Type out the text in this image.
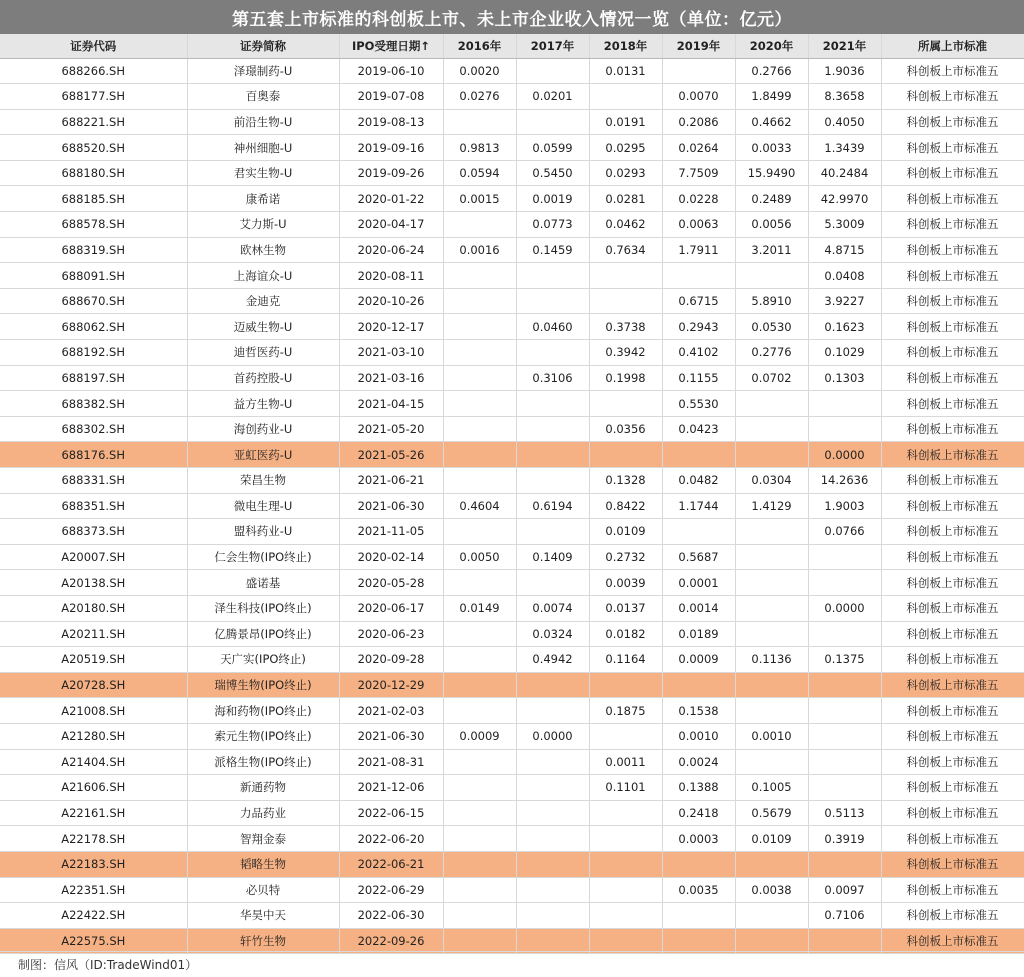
第五套上市标准的科创板上市、未上市企业收入情况一览（单位：亿元）
证券代码	证券简称	IPO受理日期↑	2016年	2017年	2018年	2019年	2020年	2021年	所属上市标准
688266.SH	泽璟制药-U	2019-06-10	0.0020		0.0131		0.2766	1.9036	科创板上市标准五
688177.SH	百奥泰	2019-07-08	0.0276	0.0201		0.0070	1.8499	8.3658	科创板上市标准五
688221.SH	前沿生物-U	2019-08-13			0.0191	0.2086	0.4662	0.4050	科创板上市标准五
688520.SH	神州细胞-U	2019-09-16	0.9813	0.0599	0.0295	0.0264	0.0033	1.3439	科创板上市标准五
688180.SH	君实生物-U	2019-09-26	0.0594	0.5450	0.0293	7.7509	15.9490	40.2484	科创板上市标准五
688185.SH	康希诺	2020-01-22	0.0015	0.0019	0.0281	0.0228	0.2489	42.9970	科创板上市标准五
688578.SH	艾力斯-U	2020-04-17		0.0773	0.0462	0.0063	0.0056	5.3009	科创板上市标准五
688319.SH	欧林生物	2020-06-24	0.0016	0.1459	0.7634	1.7911	3.2011	4.8715	科创板上市标准五
688091.SH	上海谊众-U	2020-08-11						0.0408	科创板上市标准五
688670.SH	金迪克	2020-10-26				0.6715	5.8910	3.9227	科创板上市标准五
688062.SH	迈威生物-U	2020-12-17		0.0460	0.3738	0.2943	0.0530	0.1623	科创板上市标准五
688192.SH	迪哲医药-U	2021-03-10			0.3942	0.4102	0.2776	0.1029	科创板上市标准五
688197.SH	首药控股-U	2021-03-16		0.3106	0.1998	0.1155	0.0702	0.1303	科创板上市标准五
688382.SH	益方生物-U	2021-04-15				0.5530			科创板上市标准五
688302.SH	海创药业-U	2021-05-20			0.0356	0.0423			科创板上市标准五
688176.SH	亚虹医药-U	2021-05-26						0.0000	科创板上市标准五
688331.SH	荣昌生物	2021-06-21			0.1328	0.0482	0.0304	14.2636	科创板上市标准五
688351.SH	微电生理-U	2021-06-30	0.4604	0.6194	0.8422	1.1744	1.4129	1.9003	科创板上市标准五
688373.SH	盟科药业-U	2021-11-05			0.0109			0.0766	科创板上市标准五
A20007.SH	仁会生物(IPO终止)	2020-02-14	0.0050	0.1409	0.2732	0.5687			科创板上市标准五
A20138.SH	盛诺基	2020-05-28			0.0039	0.0001			科创板上市标准五
A20180.SH	泽生科技(IPO终止)	2020-06-17	0.0149	0.0074	0.0137	0.0014		0.0000	科创板上市标准五
A20211.SH	亿腾景昂(IPO终止)	2020-06-23		0.0324	0.0182	0.0189			科创板上市标准五
A20519.SH	天广实(IPO终止)	2020-09-28		0.4942	0.1164	0.0009	0.1136	0.1375	科创板上市标准五
A20728.SH	瑞博生物(IPO终止)	2020-12-29							科创板上市标准五
A21008.SH	海和药物(IPO终止)	2021-02-03			0.1875	0.1538			科创板上市标准五
A21280.SH	索元生物(IPO终止)	2021-06-30	0.0009	0.0000		0.0010	0.0010		科创板上市标准五
A21404.SH	派格生物(IPO终止)	2021-08-31			0.0011	0.0024			科创板上市标准五
A21606.SH	新通药物	2021-12-06			0.1101	0.1388	0.1005		科创板上市标准五
A22161.SH	力品药业	2022-06-15				0.2418	0.5679	0.5113	科创板上市标准五
A22178.SH	智翔金泰	2022-06-20				0.0003	0.0109	0.3919	科创板上市标准五
A22183.SH	韬略生物	2022-06-21							科创板上市标准五
A22351.SH	必贝特	2022-06-29				0.0035	0.0038	0.0097	科创板上市标准五
A22422.SH	华昊中天	2022-06-30						0.7106	科创板上市标准五
A22575.SH	轩竹生物	2022-09-26							科创板上市标准五
制图：信风（ID:TradeWind01）
